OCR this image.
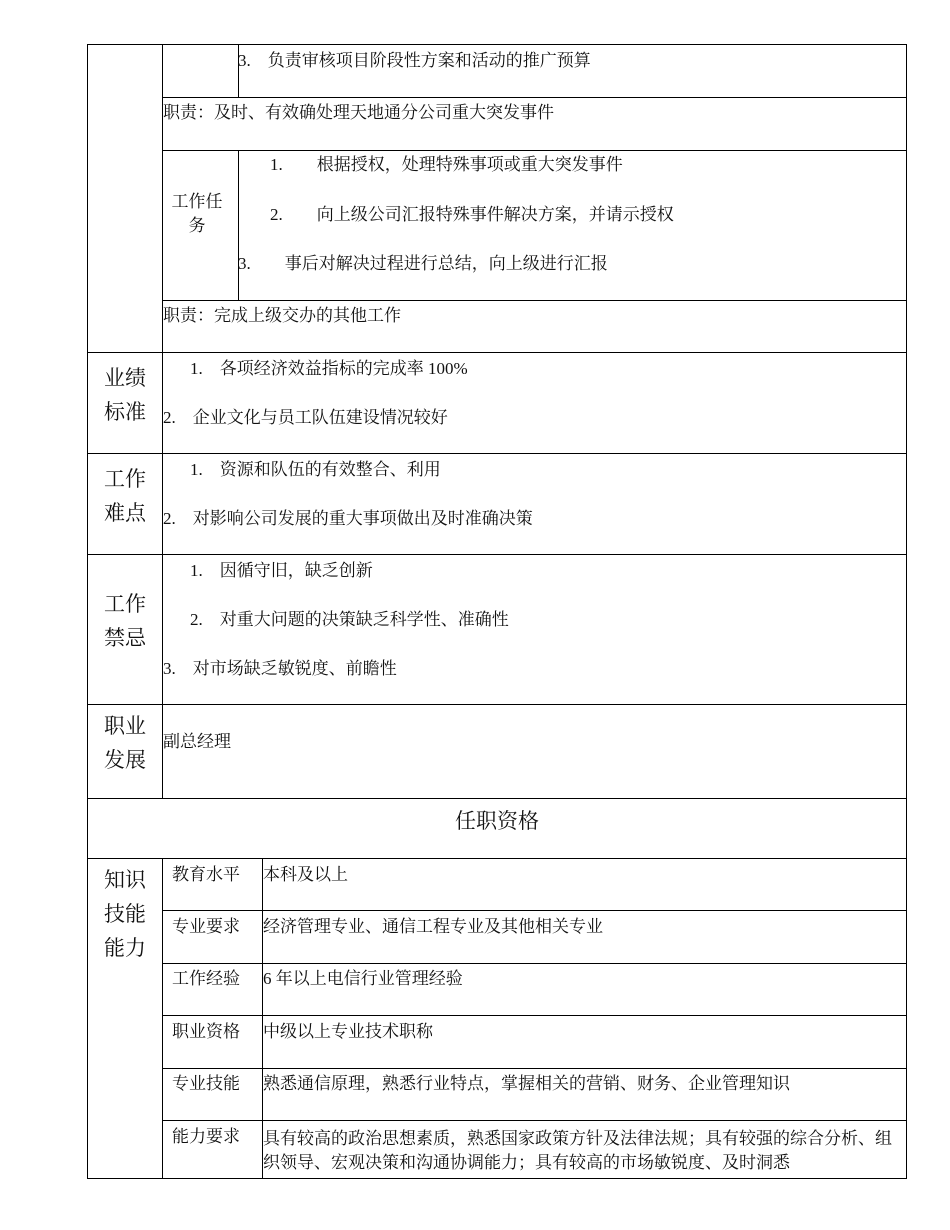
3.　负责审核项目阶段性方案和活动的推广预算
职责：及时、有效确处理天地通分公司重大突发事件
工作任务
1.　　根据授权，处理特殊事项或重大突发事件
2.　　向上级公司汇报特殊事件解决方案，并请示授权
3.　　事后对解决过程进行总结，向上级进行汇报
职责：完成上级交办的其他工作
业绩标准
1.　各项经济效益指标的完成率 100%
2.　企业文化与员工队伍建设情况较好
工作难点
1.　资源和队伍的有效整合、利用
2.　对影响公司发展的重大事项做出及时准确决策
工作禁忌
1.　因循守旧，缺乏创新
2.　对重大问题的决策缺乏科学性、准确性
3.　对市场缺乏敏锐度、前瞻性
职业发展
副总经理
任职资格
知识技能能力
教育水平 本科及以上
专业要求 经济管理专业、通信工程专业及其他相关专业
工作经验 6 年以上电信行业管理经验
职业资格 中级以上专业技术职称
专业技能 熟悉通信原理，熟悉行业特点，掌握相关的营销、财务、企业管理知识
能力要求 具有较高的政治思想素质，熟悉国家政策方针及法律法规；具有较强的综合分析、组织领导、宏观决策和沟通协调能力；具有较高的市场敏锐度、及时洞悉
